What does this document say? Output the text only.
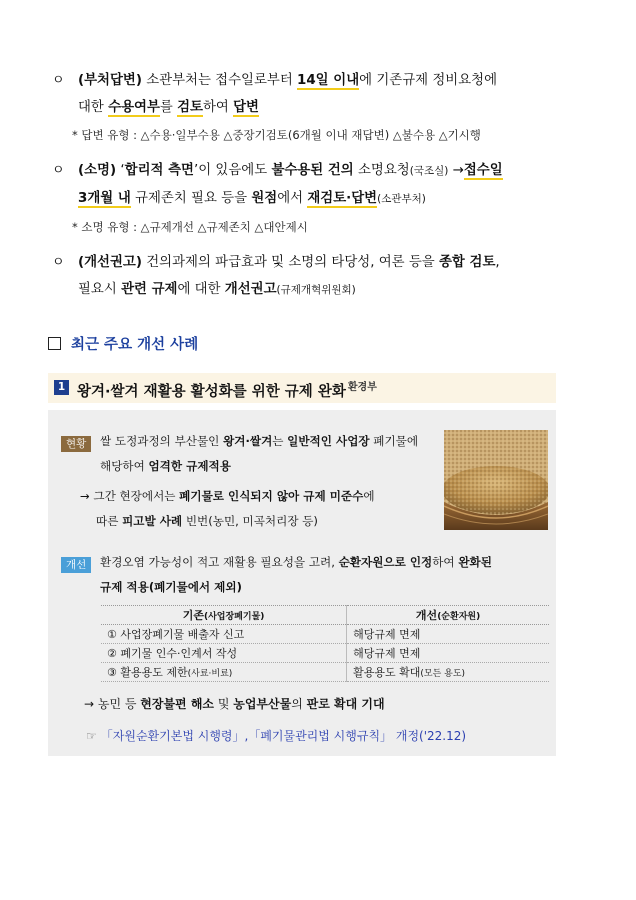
ㅇ (부처답변) 소관부처는 접수일로부터 14일 이내에 기존규제 정비요청에
대한 수용여부를 검토하여 답변
* 답변 유형 : △수용·일부수용 △중장기검토(6개월 이내 재답변) △불수용 △기시행
ㅇ (소명) ‘합리적 측면’이 있음에도 불수용된 건의 소명요청(국조실) →접수일
3개월 내 규제존치 필요 등을 원점에서 재검토·답변(소관부처)
* 소명 유형 : △규제개선 △규제존치 △대안제시
ㅇ (개선권고) 건의과제의 파급효과 및 소명의 타당성, 여론 등을 종합 검토,
필요시 관련 규제에 대한 개선권고(규제개혁위원회)
최근 주요 개선 사례
1 왕겨·쌀겨 재활용 활성화를 위한 규제 완화 $^{환경부}$
현황	쌀 도정과정의 부산물인 왕겨·쌀겨는 일반적인 사업장 폐기물에
해당하여 엄격한 규제적용
→ 그간 현장에서는 폐기물로 인식되지 않아 규제 미준수에
따른 피고발 사례 빈번(농민, 미곡처리장 등)
개선	환경오염 가능성이 적고 재활용 필요성을 고려, 순환자원으로 인정하여 완화된
규제 적용(폐기물에서 제외)
기존(사업장폐기물)	개선(순환자원)
① 사업장폐기물 배출자 신고	해당규제 면제
② 폐기물 인수·인계서 작성	해당규제 면제
③ 활용용도 제한(사료·비료)	활용용도 확대(모든 용도)
→ 농민 등 현장불편 해소 및 농업부산물의 판로 확대 기대
☞ 「자원순환기본법 시행령」,「폐기물관리법 시행규칙」 개정('22.12)
